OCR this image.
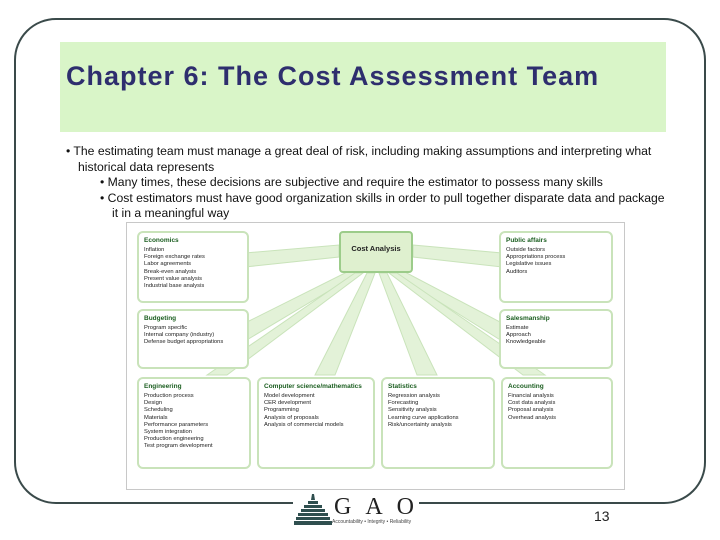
Chapter 6: The Cost Assessment Team
• The estimating team must manage a great deal of risk, including making assumptions and interpreting what historical data represents
• Many times, these decisions are subjective and require the estimator to possess many skills
• Cost estimators must have good organization skills in order to pull together disparate data and package it in a meaningful way
Cost Analysis
Economics
Inflation
Foreign exchange rates
Labor agreements
Break-even analysis
Present value analysis
Industrial base analysis
Public affairs
Outside factors
Appropriations process
Legislative issues
Auditors
Budgeting
Program specific
Internal company (industry)
Defense budget appropriations
Salesmanship
Estimate
Approach
Knowledgeable
Engineering
Production process
Design
Scheduling
Materials
Performance parameters
System integration
Production engineering
Test program development
Computer science/mathematics
Model development
CER development
Programming
Analysis of proposals
Analysis of commercial models
Statistics
Regression analysis
Forecasting
Sensitivity analysis
Learning curve applications
Risk/uncertainty analysis
Accounting
Financial analysis
Cost data analysis
Proposal analysis
Overhead analysis
GAO
Accountability • Integrity • Reliability	13
